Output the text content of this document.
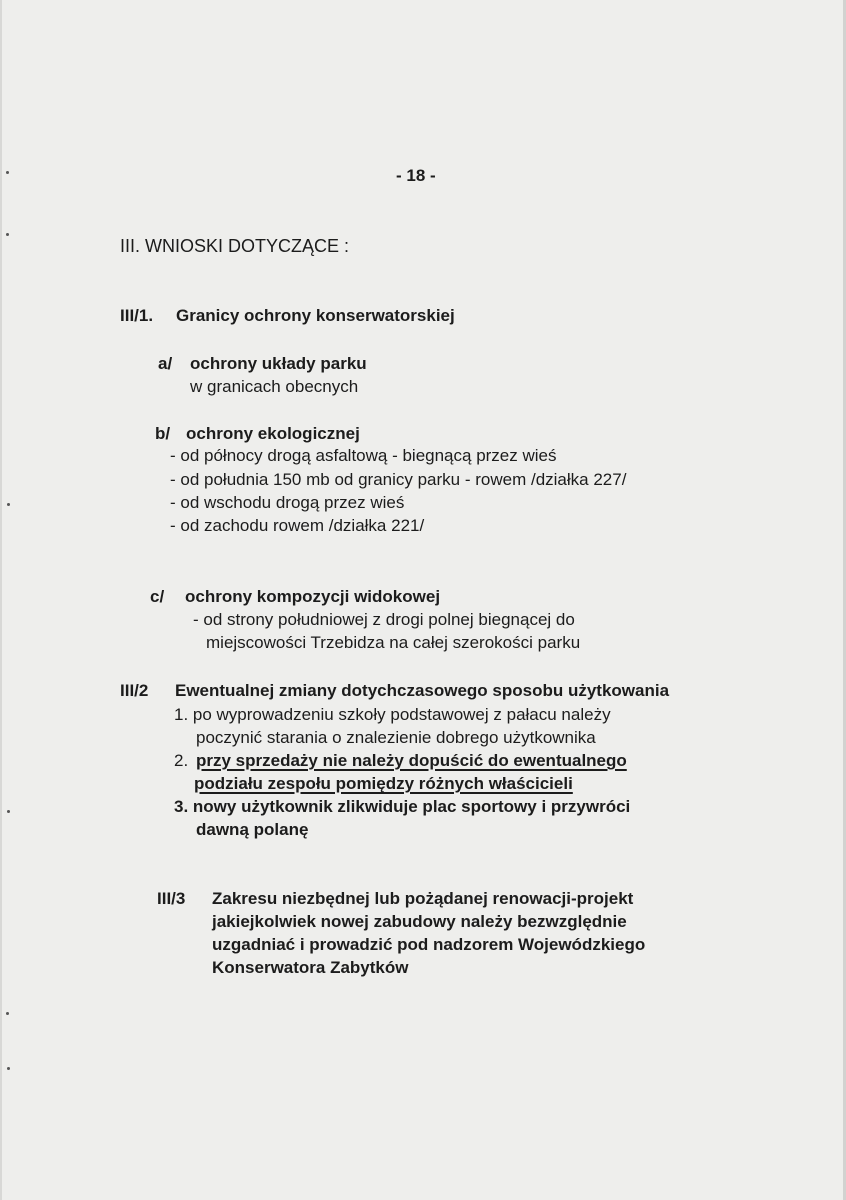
- 18 -
III. WNIOSKI DOTYCZĄCE :
III/1. Granicy ochrony konserwatorskiej
a/ ochrony układy parku
w granicach obecnych
b/ ochrony ekologicznej
- od północy drogą asfaltową - biegnącą przez wieś
- od południa 150 mb od granicy parku - rowem /działka 227/
- od wschodu drogą przez wieś
- od zachodu rowem /działka 221/
c/ ochrony kompozycji widokowej
- od strony południowej z drogi polnej biegnącej do
miejscowości Trzebidza na całej szerokości parku
III/2 Ewentualnej zmiany dotychczasowego sposobu użytkowania
1. po wyprowadzeniu szkoły podstawowej z pałacu należy
poczynić starania o znalezienie dobrego użytkownika
2. przy sprzedaży nie należy dopuścić do ewentualnego
podziału zespołu pomiędzy różnych właścicieli
3. nowy użytkownik zlikwiduje plac sportowy i przywróci
dawną polanę
III/3 Zakresu niezbędnej lub pożądanej renowacji-projekt
jakiejkolwiek nowej zabudowy należy bezwzględnie
uzgadniać i prowadzić pod nadzorem Wojewódzkiego
Konserwatora Zabytków
